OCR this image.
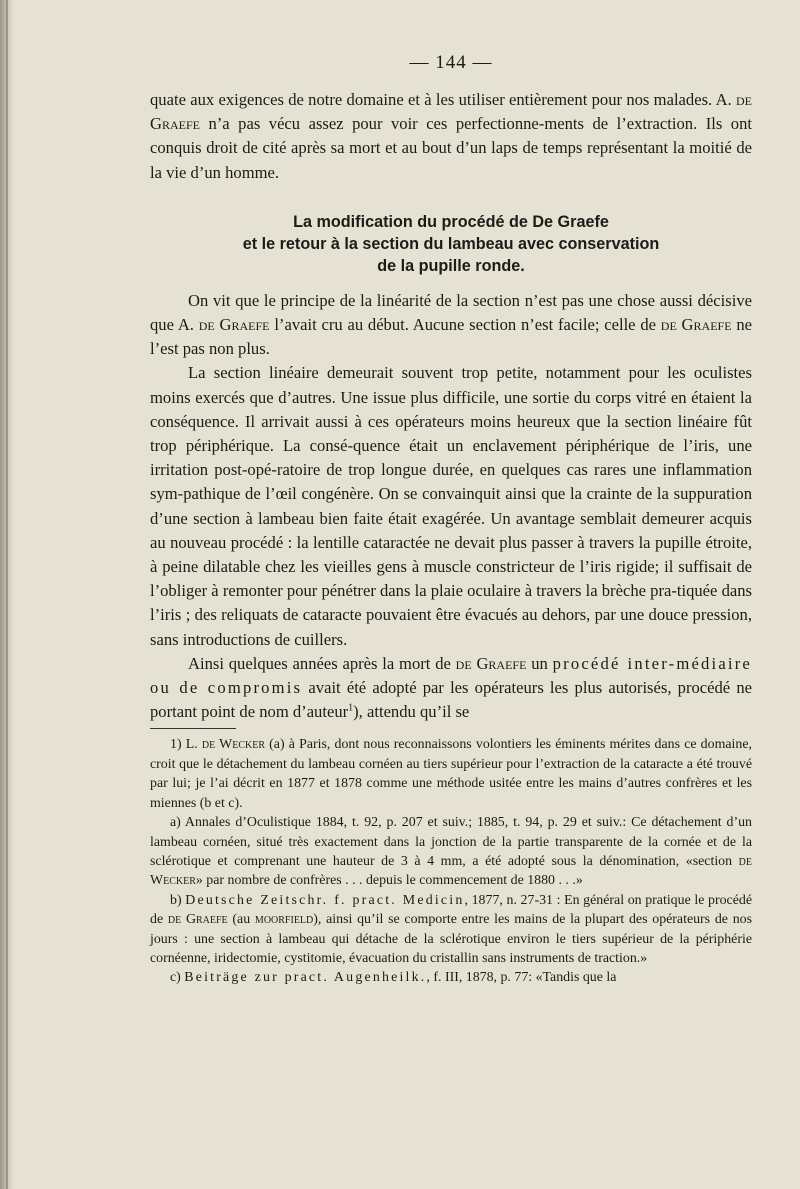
— 144 —

quate aux exigences de notre domaine et à les utiliser entièrement pour nos malades. A. de Graefe n’a pas vécu assez pour voir ces perfectionne-ments de l’extraction. Ils ont conquis droit de cité après sa mort et au bout d’un laps de temps représentant la moitié de la vie d’un homme.

La modification du procédé de De Graefe
et le retour à la section du lambeau avec conservation
de la pupille ronde.

On vit que le principe de la linéarité de la section n’est pas une chose aussi décisive que A. de Graefe l’avait cru au début. Aucune section n’est facile; celle de de Graefe ne l’est pas non plus.

La section linéaire demeurait souvent trop petite, notamment pour les oculistes moins exercés que d’autres. Une issue plus difficile, une sortie du corps vitré en étaient la conséquence. Il arrivait aussi à ces opérateurs moins heureux que la section linéaire fût trop périphérique. La consé-quence était un enclavement périphérique de l’iris, une irritation post-opé-ratoire de trop longue durée, en quelques cas rares une inflammation sym-pathique de l’œil congénère. On se convainquit ainsi que la crainte de la suppuration d’une section à lambeau bien faite était exagérée. Un avantage semblait demeurer acquis au nouveau procédé : la lentille cataractée ne devait plus passer à travers la pupille étroite, à peine dilatable chez les vieilles gens à muscle constricteur de l’iris rigide; il suffisait de l’obliger à remonter pour pénétrer dans la plaie oculaire à travers la brèche pra-tiquée dans l’iris ; des reliquats de cataracte pouvaient être évacués au dehors, par une douce pression, sans introductions de cuillers.

Ainsi quelques années après la mort de de Graefe un procédé inter-médiaire ou de compromis avait été adopté par les opérateurs les plus autorisés, procédé ne portant point de nom d’auteur$^1$), attendu qu’il se

1) L. de Wecker (a) à Paris, dont nous reconnaissons volontiers les éminents mérites dans ce domaine, croit que le détachement du lambeau cornéen au tiers supérieur pour l’extraction de la cataracte a été trouvé par lui; je l’ai décrit en 1877 et 1878 comme une méthode usitée entre les mains d’autres confrères et les miennes (b et c).

a) Annales d’Oculistique 1884, t. 92, p. 207 et suiv.; 1885, t. 94, p. 29 et suiv.: Ce détachement d’un lambeau cornéen, situé très exactement dans la jonction de la partie transparente de la cornée et de la sclérotique et comprenant une hauteur de 3 à 4 mm, a été adopté sous la dénomination, «section de Wecker» par nombre de confrères . . . depuis le commencement de 1880 . . .»

b) Deutsche Zeitschr. f. pract. Medicin, 1877, n. 27-31 : En général on pratique le procédé de de Graefe (au moorfield), ainsi qu’il se comporte entre les mains de la plupart des opérateurs de nos jours : une section à lambeau qui détache de la sclérotique environ le tiers supérieur de la périphérie cornéenne, iridectomie, cystitomie, évacuation du cristallin sans instruments de traction.»

c) Beiträge zur pract. Augenheilk., f. III, 1878, p. 77: «Tandis que la
